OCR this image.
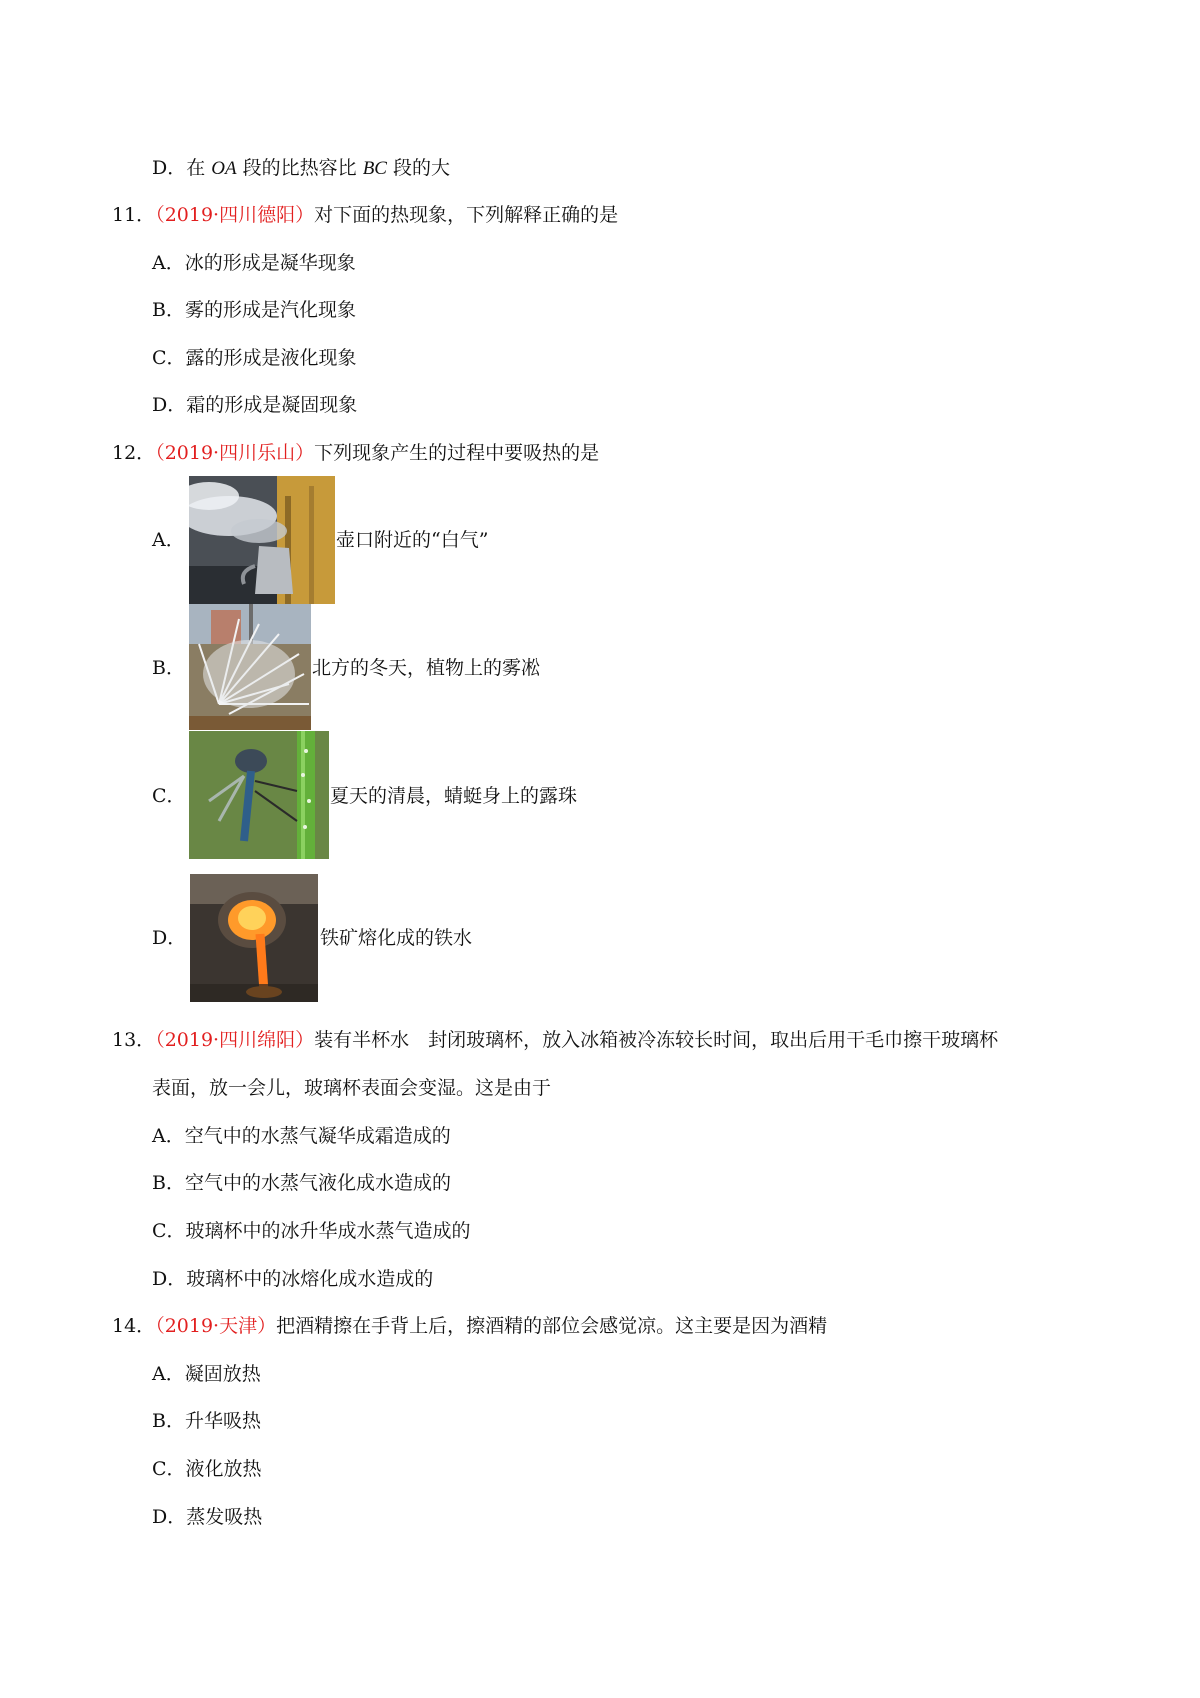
D．在 OA 段的比热容比 BC 段的大
11．（2019·四川德阳）对下面的热现象，下列解释正确的是
A．冰的形成是凝华现象
B．雾的形成是汽化现象
C．露的形成是液化现象
D．霜的形成是凝固现象
12．（2019·四川乐山）下列现象产生的过程中要吸热的是
A．	壶口附近的“白气”
B．	北方的冬天，植物上的雾凇
C．	夏天的清晨，蜻蜓身上的露珠
D．	铁矿熔化成的铁水
13．（2019·四川绵阳）装有半杯水　封闭玻璃杯，放入冰箱被冷冻较长时间，取出后用干毛巾擦干玻璃杯
表面，放一会儿，玻璃杯表面会变湿。这是由于
A．空气中的水蒸气凝华成霜造成的
B．空气中的水蒸气液化成水造成的
C．玻璃杯中的冰升华成水蒸气造成的
D．玻璃杯中的冰熔化成水造成的
14．（2019·天津）把酒精擦在手背上后，擦酒精的部位会感觉凉。这主要是因为酒精
A．凝固放热
B．升华吸热
C．液化放热
D．蒸发吸热
